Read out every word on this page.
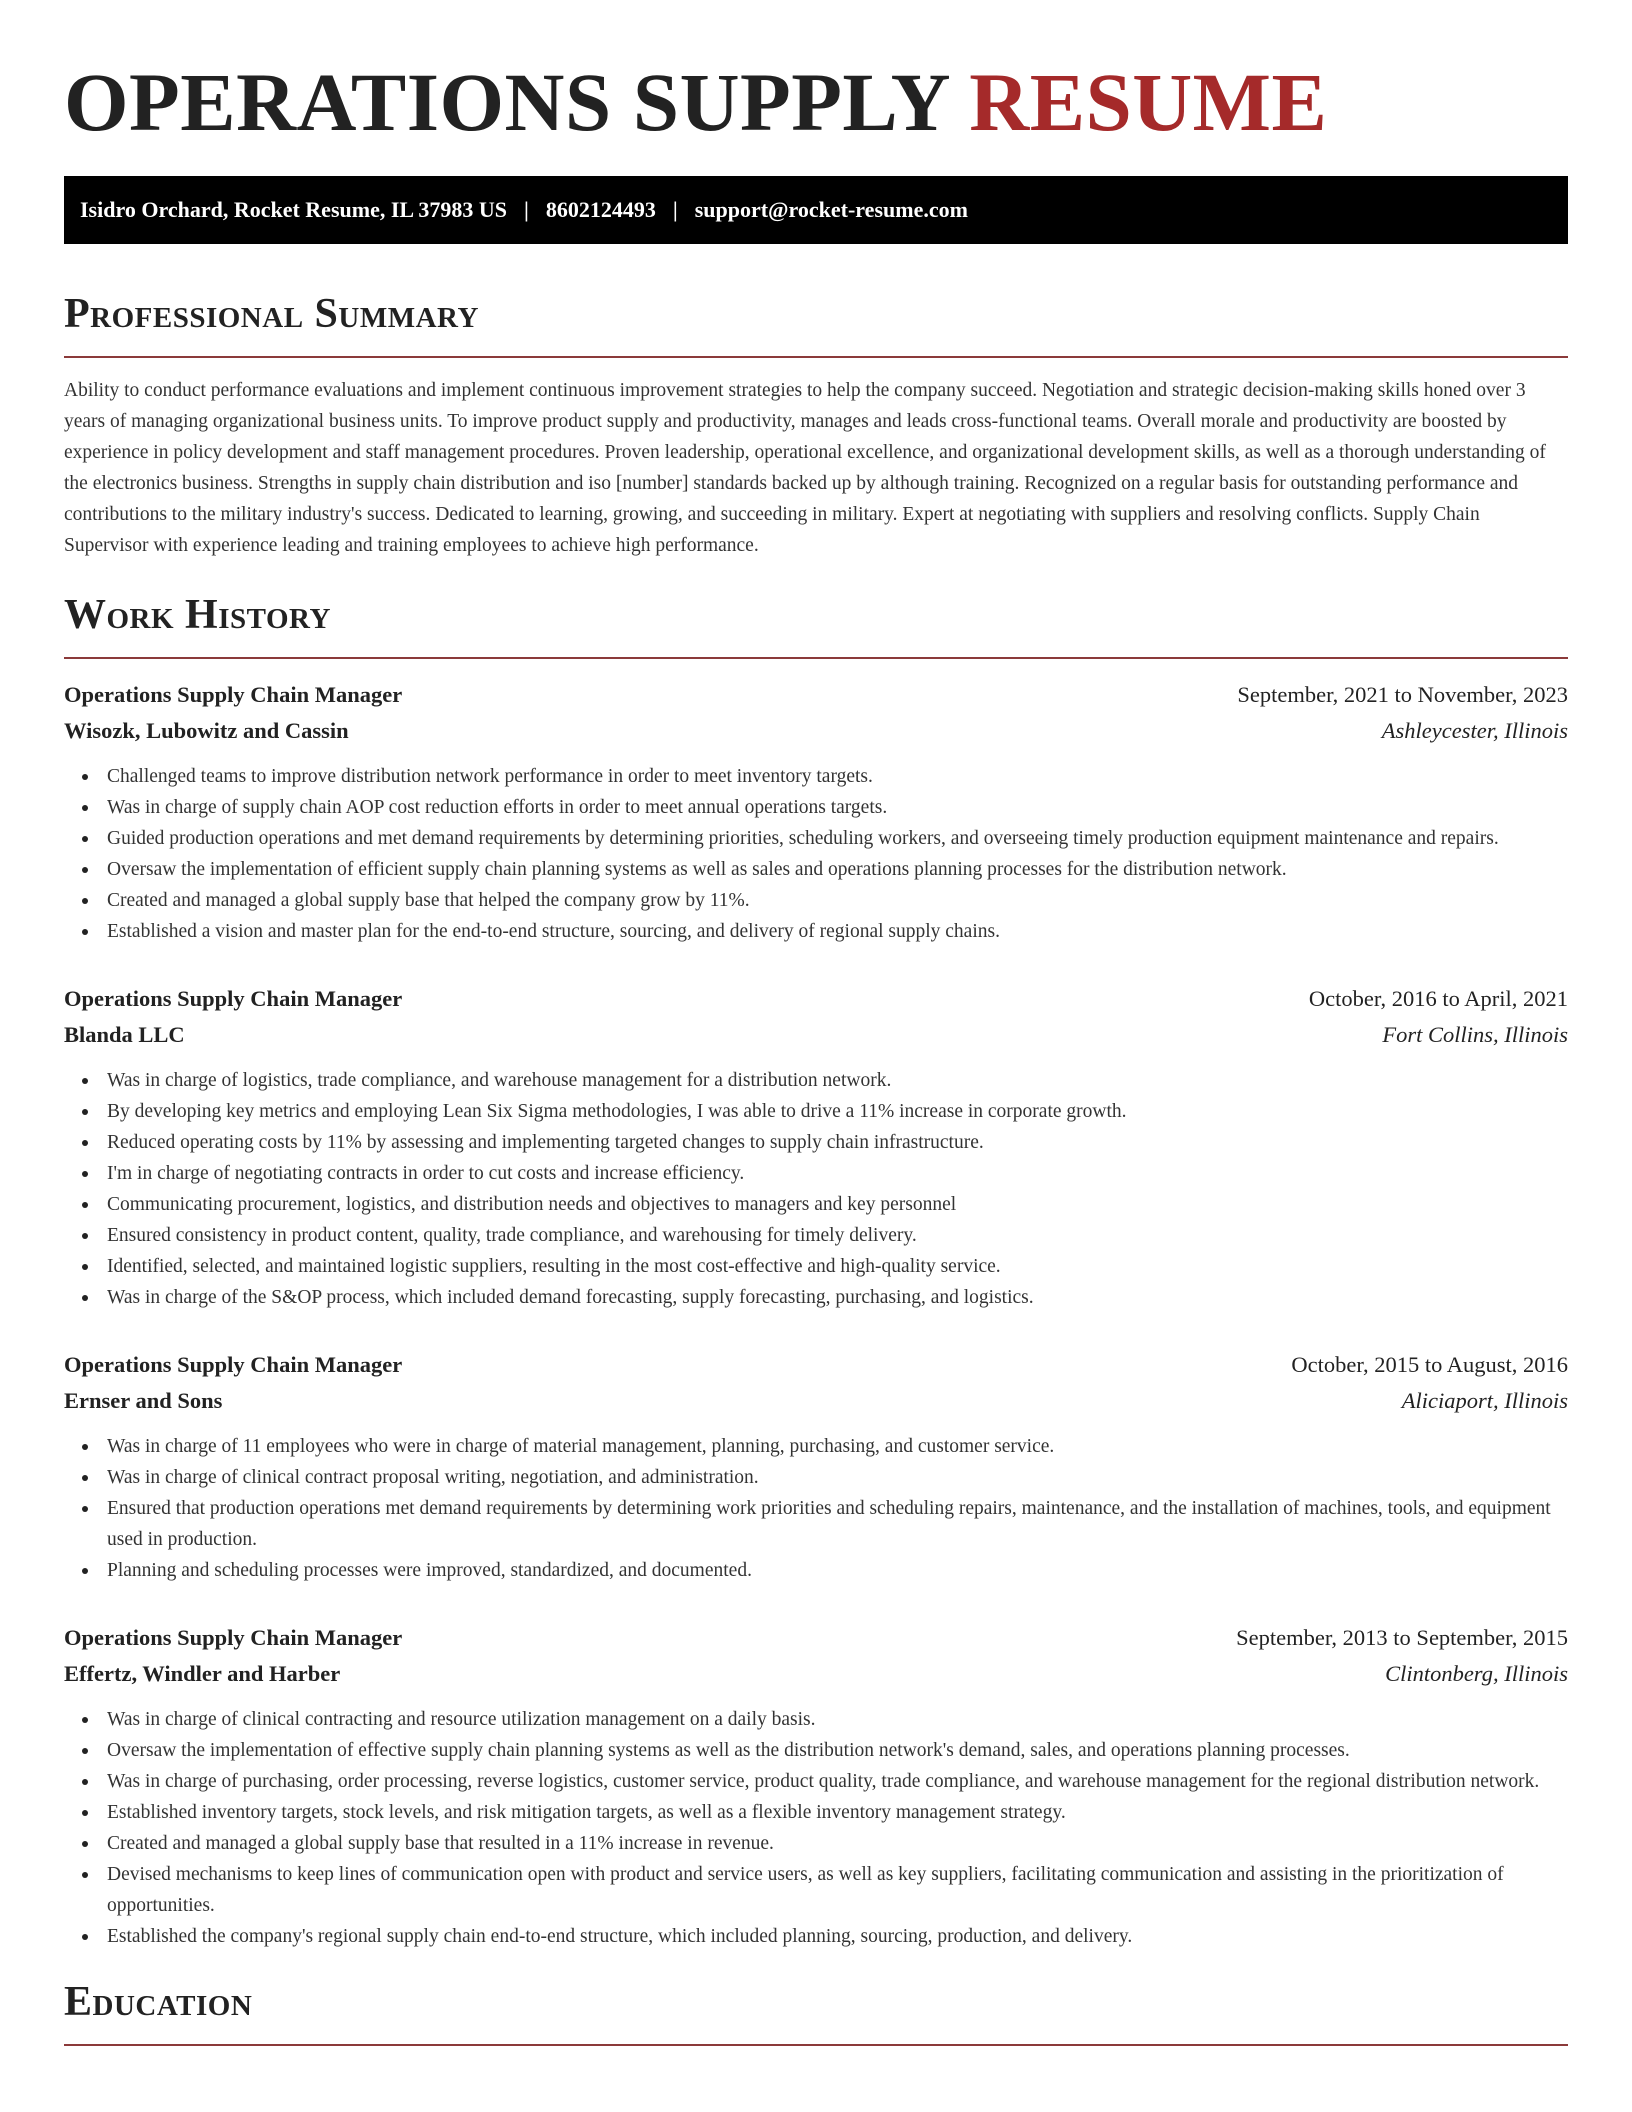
OPERATIONS SUPPLY RESUME
Isidro Orchard, Rocket Resume, IL 37983 US | 8602124493 | support@rocket-resume.com
Professional Summary

Ability to conduct performance evaluations and implement continuous improvement strategies to help the company succeed. Negotiation and strategic decision-making skills honed over 3 years of managing organizational business units. To improve product supply and productivity, manages and leads cross-functional teams. Overall morale and productivity are boosted by experience in policy development and staff management procedures. Proven leadership, operational excellence, and organizational development skills, as well as a thorough understanding of the electronics business. Strengths in supply chain distribution and iso [number] standards backed up by although training. Recognized on a regular basis for outstanding performance and contributions to the military industry's success. Dedicated to learning, growing, and succeeding in military. Expert at negotiating with suppliers and resolving conflicts. Supply Chain Supervisor with experience leading and training employees to achieve high performance.

Work History
Operations Supply Chain Manager	September, 2021 to November, 2023
Wisozk, Lubowitz and Cassin	Ashleycester, Illinois
Challenged teams to improve distribution network performance in order to meet inventory targets.
Was in charge of supply chain AOP cost reduction efforts in order to meet annual operations targets.
Guided production operations and met demand requirements by determining priorities, scheduling workers, and overseeing timely production equipment maintenance and repairs.
Oversaw the implementation of efficient supply chain planning systems as well as sales and operations planning processes for the distribution network.
Created and managed a global supply base that helped the company grow by 11%.
Established a vision and master plan for the end-to-end structure, sourcing, and delivery of regional supply chains.
Operations Supply Chain Manager	October, 2016 to April, 2021
Blanda LLC	Fort Collins, Illinois
Was in charge of logistics, trade compliance, and warehouse management for a distribution network.
By developing key metrics and employing Lean Six Sigma methodologies, I was able to drive a 11% increase in corporate growth.
Reduced operating costs by 11% by assessing and implementing targeted changes to supply chain infrastructure.
I'm in charge of negotiating contracts in order to cut costs and increase efficiency.
Communicating procurement, logistics, and distribution needs and objectives to managers and key personnel
Ensured consistency in product content, quality, trade compliance, and warehousing for timely delivery.
Identified, selected, and maintained logistic suppliers, resulting in the most cost-effective and high-quality service.
Was in charge of the S&OP process, which included demand forecasting, supply forecasting, purchasing, and logistics.
Operations Supply Chain Manager	October, 2015 to August, 2016
Ernser and Sons	Aliciaport, Illinois
Was in charge of 11 employees who were in charge of material management, planning, purchasing, and customer service.
Was in charge of clinical contract proposal writing, negotiation, and administration.
Ensured that production operations met demand requirements by determining work priorities and scheduling repairs, maintenance, and the installation of machines, tools, and equipment used in production.
Planning and scheduling processes were improved, standardized, and documented.
Operations Supply Chain Manager	September, 2013 to September, 2015
Effertz, Windler and Harber	Clintonberg, Illinois
Was in charge of clinical contracting and resource utilization management on a daily basis.
Oversaw the implementation of effective supply chain planning systems as well as the distribution network's demand, sales, and operations planning processes.
Was in charge of purchasing, order processing, reverse logistics, customer service, product quality, trade compliance, and warehouse management for the regional distribution network.
Established inventory targets, stock levels, and risk mitigation targets, as well as a flexible inventory management strategy.
Created and managed a global supply base that resulted in a 11% increase in revenue.
Devised mechanisms to keep lines of communication open with product and service users, as well as key suppliers, facilitating communication and assisting in the prioritization of opportunities.
Established the company's regional supply chain end-to-end structure, which included planning, sourcing, production, and delivery.
Education
